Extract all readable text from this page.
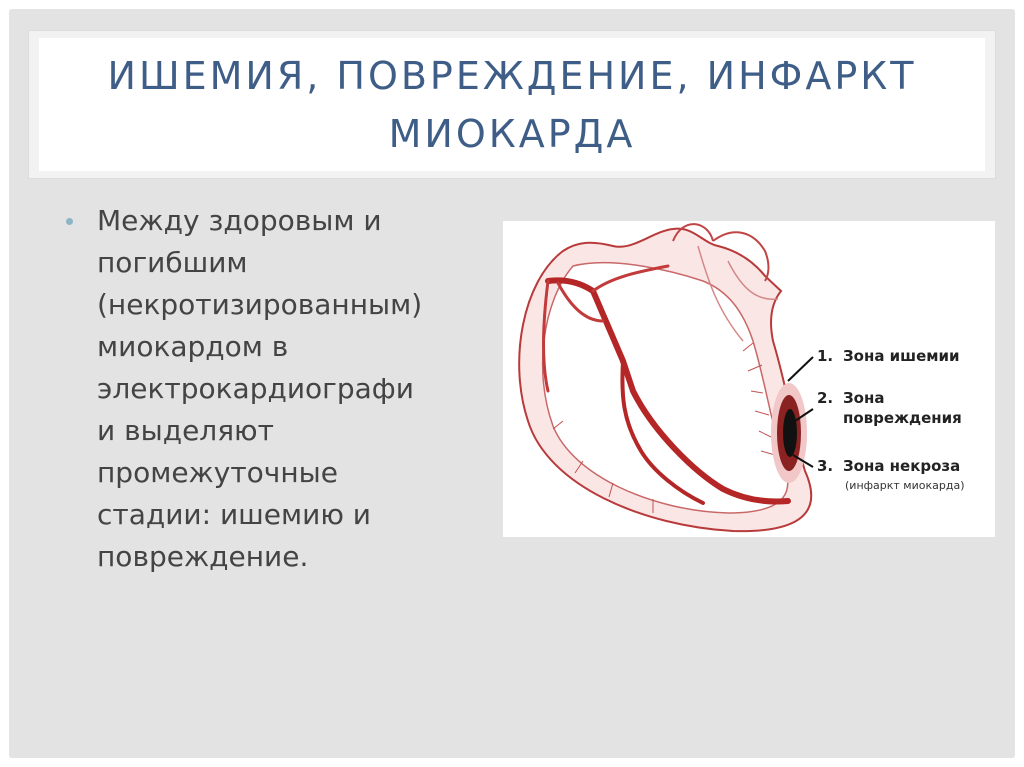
ИШЕМИЯ, ПОВРЕЖДЕНИЕ, ИНФАРКТ
МИОКАРДА

Между здоровым и
погибшим
(некротизированным)
миокардом в
электрокардиографи
и выделяют
промежуточные
стадии: ишемию и
повреждение.

1. Зона ишемии
2. Зона повреждения
3. Зона некроза
(инфаркт миокарда)
